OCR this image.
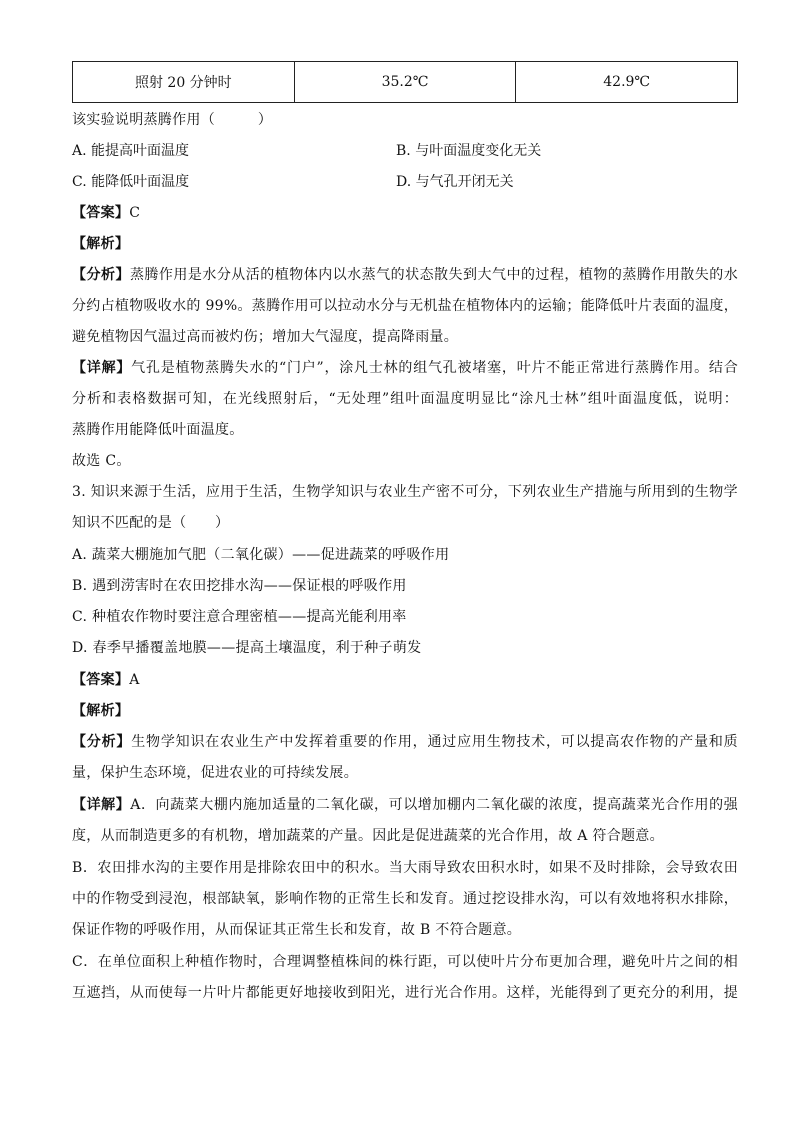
照射 20 分钟时	35.2℃	42.9℃
该实验说明蒸腾作用（　　　）
A. 能提高叶面温度	B. 与叶面温度变化无关
C. 能降低叶面温度	D. 与气孔开闭无关
【答案】C
【解析】
【分析】蒸腾作用是水分从活的植物体内以水蒸气的状态散失到大气中的过程，植物的蒸腾作用散失的水
分约占植物吸收水的 99%。蒸腾作用可以拉动水分与无机盐在植物体内的运输；能降低叶片表面的温度，
避免植物因气温过高而被灼伤；增加大气湿度，提高降雨量。
【详解】气孔是植物蒸腾失水的“门户”，涂凡士林的组气孔被堵塞，叶片不能正常进行蒸腾作用。结合
分析和表格数据可知，在光线照射后，“无处理”组叶面温度明显比“涂凡士林”组叶面温度低，说明：
蒸腾作用能降低叶面温度。
故选 C。
3. 知识来源于生活，应用于生活，生物学知识与农业生产密不可分，下列农业生产措施与所用到的生物学
知识不匹配的是（　　）
A. 蔬菜大棚施加气肥（二氧化碳）——促进蔬菜的呼吸作用
B. 遇到涝害时在农田挖排水沟——保证根的呼吸作用
C. 种植农作物时要注意合理密植——提高光能利用率
D. 春季早播覆盖地膜——提高土壤温度，利于种子萌发
【答案】A
【解析】
【分析】生物学知识在农业生产中发挥着重要的作用，通过应用生物技术，可以提高农作物的产量和质
量，保护生态环境，促进农业的可持续发展。
【详解】A．向蔬菜大棚内施加适量的二氧化碳，可以增加棚内二氧化碳的浓度，提高蔬菜光合作用的强
度，从而制造更多的有机物，增加蔬菜的产量。因此是促进蔬菜的光合作用，故 A 符合题意。
B．农田排水沟的主要作用是排除农田中的积水。当大雨导致农田积水时，如果不及时排除，会导致农田
中的作物受到浸泡，根部缺氧，影响作物的正常生长和发育。通过挖设排水沟，可以有效地将积水排除，
保证作物的呼吸作用，从而保证其正常生长和发育，故 B 不符合题意。
C．在单位面积上种植作物时，合理调整植株间的株行距，可以使叶片分布更加合理，避免叶片之间的相
互遮挡，从而使每一片叶片都能更好地接收到阳光，进行光合作用。这样，光能得到了更充分的利用，提
